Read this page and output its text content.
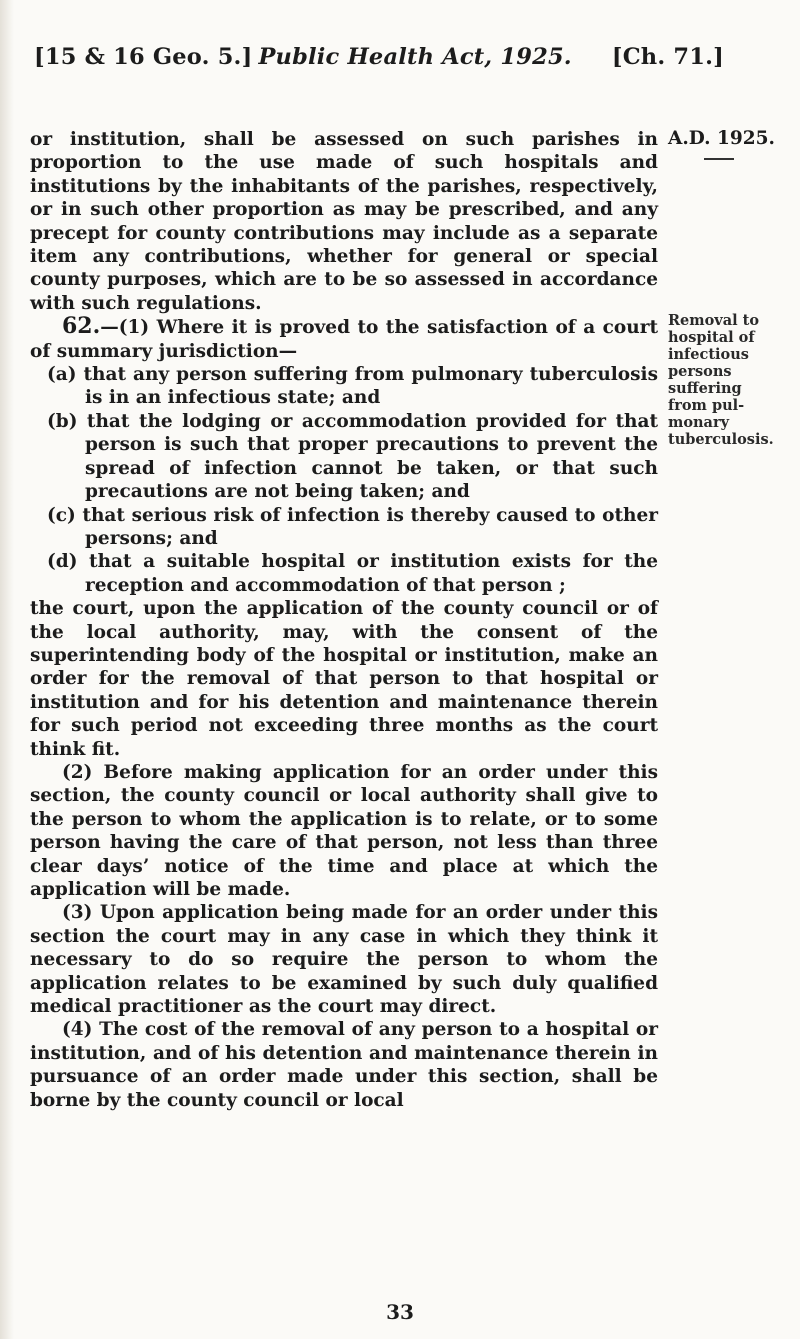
[15 & 16 Geo. 5.] Public Health Act, 1925. [Ch. 71.]
A.D. 1925.
Removal to
hospital of
infectious
persons
suffering
from pul-
monary
tuberculosis.

or institution, shall be assessed on such parishes in proportion to the use made of such hospitals and institutions by the inhabitants of the parishes, respectively, or in such other proportion as may be prescribed, and any precept for county contributions may include as a separate item any contributions, whether for general or special county purposes, which are to be so assessed in accordance with such regulations.

62.—(1) Where it is proved to the satisfaction of a court of summary jurisdiction—

(a) that any person suffering from pulmonary tuberculosis is in an infectious state; and

(b) that the lodging or accommodation provided for that person is such that proper precautions to prevent the spread of infection cannot be taken, or that such precautions are not being taken; and

(c) that serious risk of infection is thereby caused to other persons; and

(d) that a suitable hospital or institution exists for the reception and accommodation of that person ;

the court, upon the application of the county council or of the local authority, may, with the consent of the superintending body of the hospital or institution, make an order for the removal of that person to that hospital or institution and for his detention and maintenance therein for such period not exceeding three months as the court think fit.

(2) Before making application for an order under this section, the county council or local authority shall give to the person to whom the application is to relate, or to some person having the care of that person, not less than three clear days’ notice of the time and place at which the application will be made.

(3) Upon application being made for an order under this section the court may in any case in which they think it necessary to do so require the person to whom the application relates to be examined by such duly qualified medical practitioner as the court may direct.

(4) The cost of the removal of any person to a hospital or institution, and of his detention and maintenance therein in pursuance of an order made under this section, shall be borne by the county council or local

33
